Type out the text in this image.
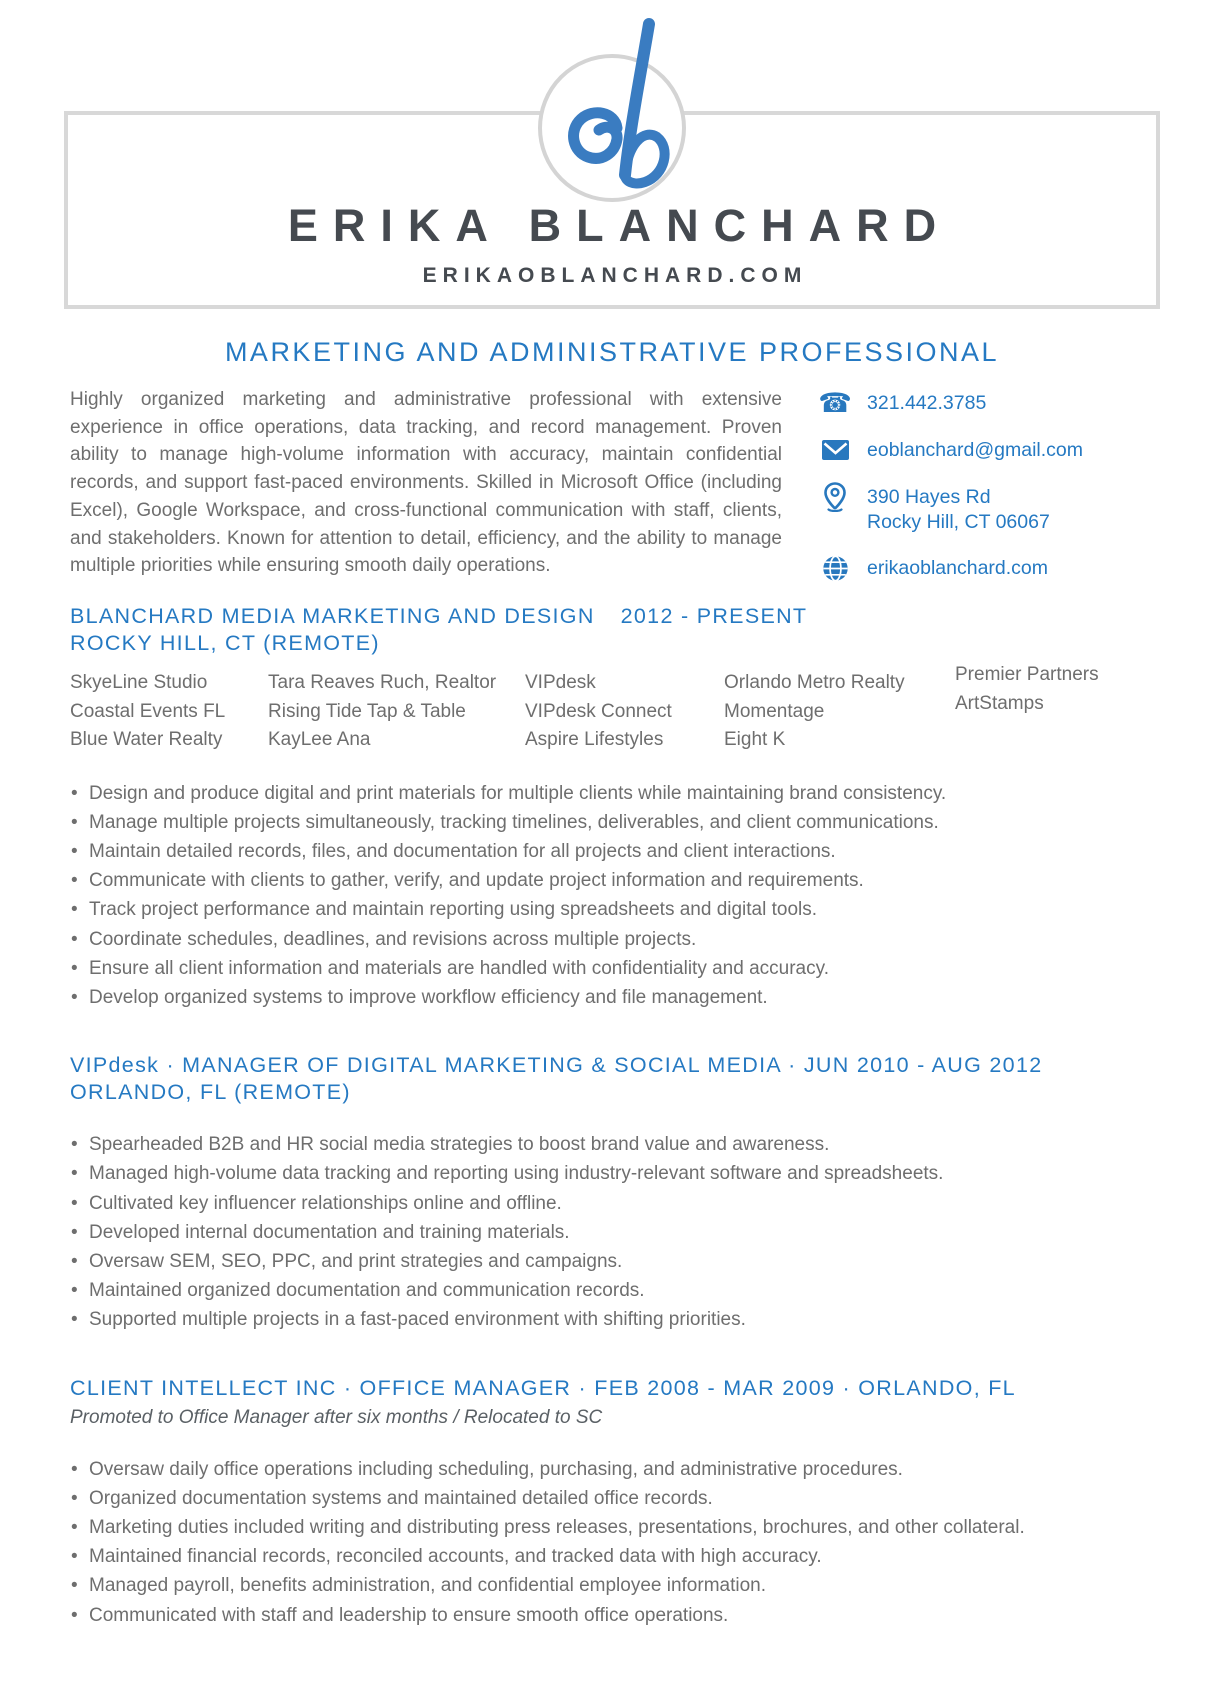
ERIKA BLANCHARD
ERIKAOBLANCHARD.COM
MARKETING AND ADMINISTRATIVE PROFESSIONAL
Highly organized marketing and administrative professional with extensive experience in office operations, data tracking, and record management. Proven ability to manage high-volume information with accuracy, maintain confidential records, and support fast-paced environments. Skilled in Microsoft Office (including Excel), Google Workspace, and cross-functional communication with staff, clients, and stakeholders. Known for attention to detail, efficiency, and the ability to manage multiple priorities while ensuring smooth daily operations.
☎ 321.442.3785
eoblanchard@gmail.com
390 Hayes Rd
Rocky Hill, CT 06067
erikaoblanchard.com
BLANCHARD MEDIA MARKETING AND DESIGN 2012 - PRESENT
ROCKY HILL, CT (REMOTE)
SkyeLine Studio
Coastal Events FL
Blue Water Realty
Tara Reaves Ruch, Realtor
Rising Tide Tap & Table
KayLee Ana
VIPdesk
VIPdesk Connect
Aspire Lifestyles
Orlando Metro Realty
Momentage
Eight K
Premier Partners
ArtStamps
• Design and produce digital and print materials for multiple clients while maintaining brand consistency.
• Manage multiple projects simultaneously, tracking timelines, deliverables, and client communications.
• Maintain detailed records, files, and documentation for all projects and client interactions.
• Communicate with clients to gather, verify, and update project information and requirements.
• Track project performance and maintain reporting using spreadsheets and digital tools.
• Coordinate schedules, deadlines, and revisions across multiple projects.
• Ensure all client information and materials are handled with confidentiality and accuracy.
• Develop organized systems to improve workflow efficiency and file management.
VIPdesk · MANAGER OF DIGITAL MARKETING & SOCIAL MEDIA · JUN 2010 - AUG 2012
ORLANDO, FL (REMOTE)
• Spearheaded B2B and HR social media strategies to boost brand value and awareness.
• Managed high-volume data tracking and reporting using industry-relevant software and spreadsheets.
• Cultivated key influencer relationships online and offline.
• Developed internal documentation and training materials.
• Oversaw SEM, SEO, PPC, and print strategies and campaigns.
• Maintained organized documentation and communication records.
• Supported multiple projects in a fast-paced environment with shifting priorities.
CLIENT INTELLECT INC · OFFICE MANAGER · FEB 2008 - MAR 2009 · ORLANDO, FL
Promoted to Office Manager after six months / Relocated to SC
• Oversaw daily office operations including scheduling, purchasing, and administrative procedures.
• Organized documentation systems and maintained detailed office records.
• Marketing duties included writing and distributing press releases, presentations, brochures, and other collateral.
• Maintained financial records, reconciled accounts, and tracked data with high accuracy.
• Managed payroll, benefits administration, and confidential employee information.
• Communicated with staff and leadership to ensure smooth office operations.
